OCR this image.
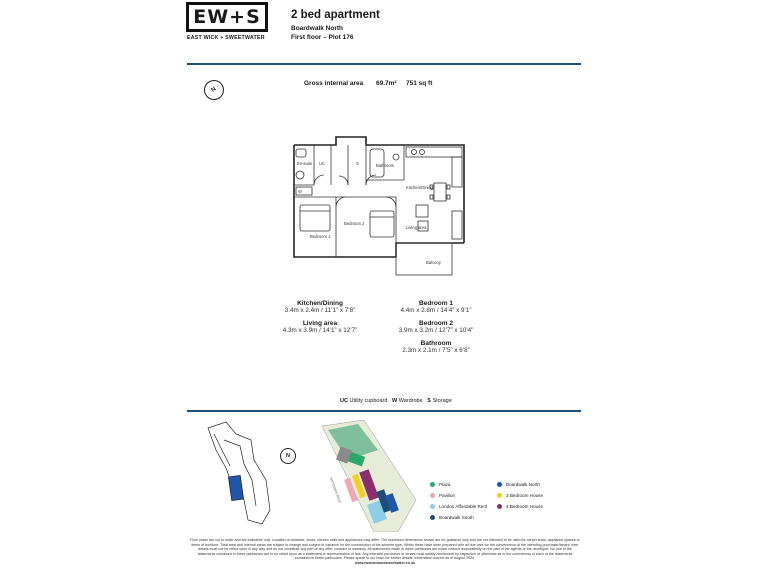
EW+S
EAST WICK + SWEETWATER
2 bed apartment
Boardwalk North
First floor – Plot 176
Gross internal area 69.7m² 751 sq ft
N
En-suite UC	S	Bathroom
Kitchen/Dining
W
Bedroom 1
Bedroom 2
Living area
Balcony
Kitchen/Dining
3.4m x 2.4m / 11’1” x 7’8”
Living area
4.3m x 3.9m / 14’1” x 12’7”
Bedroom 1
4.4m x 2.8m / 14’4” x 9’1”
Bedroom 2
3.9m x 3.2m / 12’7” x 10’4”
Bathroom
2.3m x 2.1m / 7’5” x 6’8”
UC Utility cupboard W Wardrobe S Storage
N
WATERSIDE ROAD	Plaza
Pavilion
London Affordable Rent
Boardwalk South
Boardwalk North
3 Bedroom House
4 Bedroom House
Floor plans are not to scale and are indicative only. Location of windows, doors, kitchen units and appliances may differ. The maximum dimensions shown are for guidance only and are not intended to be used for carpet sizes, appliance spaces or items of furniture. Total area and internal areas are subject to change and subject to variance for the construction of the scheme type. Whilst these have been prepared with all due care for the convenience of the intending purchaser/tenant, their details must not be relied upon in any way and do not constitute any part of any offer, contract or warranty. All statements made in these particulars are made without responsibility on the part of the agents or the developer. No one of the statements contained in these particulars are to be relied upon as a statement or representation of fact. Any intended purchaser or tenant must satisfy him/herself by inspection or otherwise as to the correctness of each of the statements contained in these particulars. Please speak to our team for further details. Information correct as of August 2024.
www.eastwickandsweetwater.co.uk
